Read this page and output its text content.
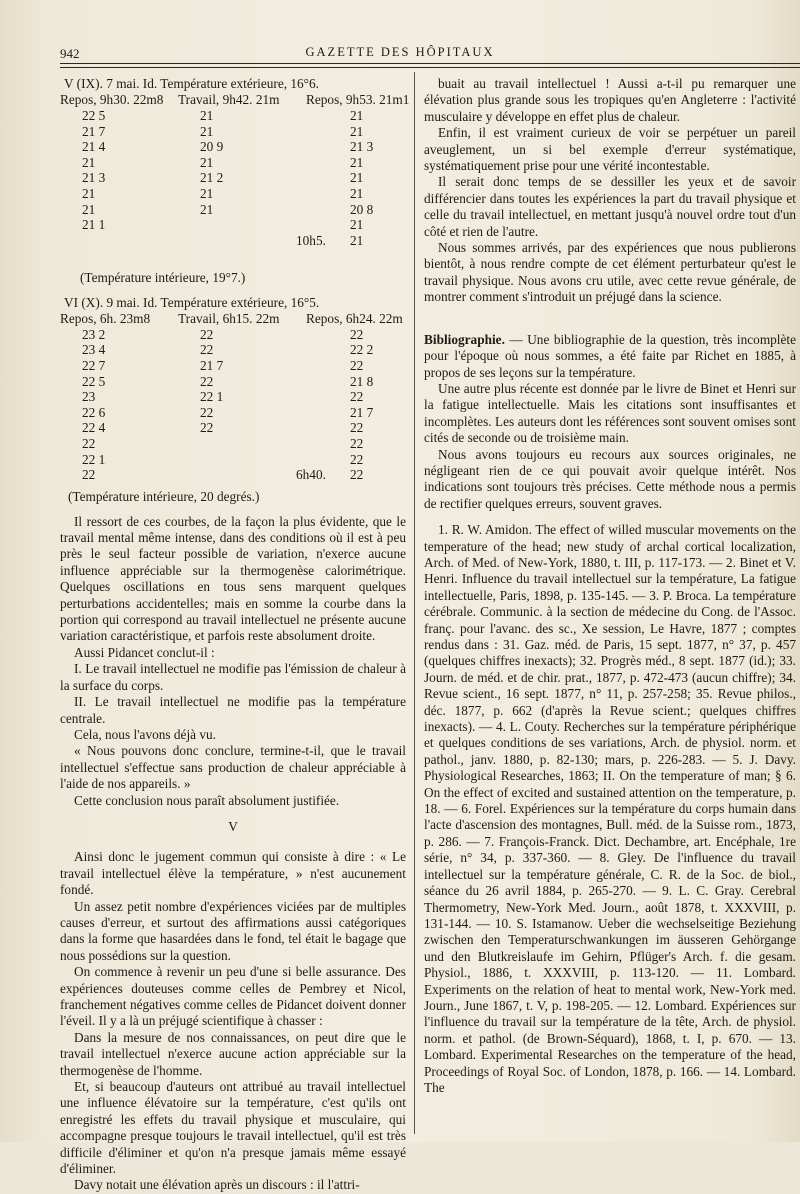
942	GAZETTE DES HÔPITAUX
V (IX). 7 mai. Id. Température extérieure, 16°6.
Repos, 9h30. 22m8 Travail, 9h42. 21m Repos, 9h53. 21m1
22 5
21 7
21 4
21
21 3
21
21
21 1
21
21
20 9
21
21 2
21
21
21
21
21 3
21
21
21
20 8
21
21
10h5.
(Température intérieure, 19°7.)
VI (X). 9 mai. Id. Température extérieure, 16°5.
Repos, 6h. 23m8 Travail, 6h15. 22m Repos, 6h24. 22m
23 2
23 4
22 7
22 5
23
22 6
22 4
22
22 1
22
22
22
21 7
22
22 1
22
22
22
22 2
22
21 8
22
21 7
22
22
22
22
6h40.
(Température intérieure, 20 degrés.)
Il ressort de ces courbes, de la façon la plus évidente, que le travail mental même intense, dans des conditions où il est à peu près le seul facteur possible de variation, n'exerce aucune influence appréciable sur la thermogenèse calorimétrique. Quelques oscillations en tous sens marquent quelques perturbations accidentelles; mais en somme la courbe dans la portion qui correspond au travail intellectuel ne présente aucune variation caractéristique, et parfois reste absolument droite.
Aussi Pidancet conclut-il :
I. Le travail intellectuel ne modifie pas l'émission de chaleur à la surface du corps.
II. Le travail intellectuel ne modifie pas la température centrale.
Cela, nous l'avons déjà vu.
« Nous pouvons donc conclure, termine-t-il, que le travail intellectuel s'effectue sans production de chaleur appréciable à l'aide de nos appareils. »
Cette conclusion nous paraît absolument justifiée.
V
Ainsi donc le jugement commun qui consiste à dire : « Le travail intellectuel élève la température, » n'est aucunement fondé.
Un assez petit nombre d'expériences viciées par de multiples causes d'erreur, et surtout des affirmations aussi catégoriques dans la forme que hasardées dans le fond, tel était le bagage que nous possédions sur la question.
On commence à revenir un peu d'une si belle assurance. Des expériences douteuses comme celles de Pembrey et Nicol, franchement négatives comme celles de Pidancet doivent donner l'éveil. Il y a là un préjugé scientifique à chasser :
Dans la mesure de nos connaissances, on peut dire que le travail intellectuel n'exerce aucune action appréciable sur la thermogenèse de l'homme.
Et, si beaucoup d'auteurs ont attribué au travail intellectuel une influence élévatoire sur la température, c'est qu'ils ont enregistré les effets du travail physique et musculaire, qui accompagne presque toujours le travail intellectuel, qu'il est très difficile d'éliminer et qu'on n'a presque jamais même essayé d'éliminer.
Davy notait une élévation après un discours : il l'attri-
buait au travail intellectuel ! Aussi a-t-il pu remarquer une élévation plus grande sous les tropiques qu'en Angleterre : l'activité musculaire y développe en effet plus de chaleur.
Enfin, il est vraiment curieux de voir se perpétuer un pareil aveuglement, un si bel exemple d'erreur systématique, systématiquement prise pour une vérité incontestable.
Il serait donc temps de se dessiller les yeux et de savoir différencier dans toutes les expériences la part du travail physique et celle du travail intellectuel, en mettant jusqu'à nouvel ordre tout d'un côté et rien de l'autre.
Nous sommes arrivés, par des expériences que nous publierons bientôt, à nous rendre compte de cet élément perturbateur qu'est le travail physique. Nous avons cru utile, avec cette revue générale, de montrer comment s'introduit un préjugé dans la science.
Bibliographie. — Une bibliographie de la question, très incomplète pour l'époque où nous sommes, a été faite par Richet en 1885, à propos de ses leçons sur la température.
Une autre plus récente est donnée par le livre de Binet et Henri sur la fatigue intellectuelle. Mais les citations sont insuffisantes et incomplètes. Les auteurs dont les références sont souvent omises sont cités de seconde ou de troisième main.
Nous avons toujours eu recours aux sources originales, ne négligeant rien de ce qui pouvait avoir quelque intérêt. Nos indications sont toujours très précises. Cette méthode nous a permis de rectifier quelques erreurs, souvent graves.
1. R. W. Amidon. The effect of willed muscular movements on the temperature of the head; new study of archal cortical localization, Arch. of Med. of New-York, 1880, t. III, p. 117-173. — 2. Binet et V. Henri. Influence du travail intellectuel sur la température, La fatigue intellectuelle, Paris, 1898, p. 135-145. — 3. P. Broca. La température cérébrale. Communic. à la section de médecine du Cong. de l'Assoc. franç. pour l'avanc. des sc., Xe session, Le Havre, 1877 ; comptes rendus dans : 31. Gaz. méd. de Paris, 15 sept. 1877, n° 37, p. 457 (quelques chiffres inexacts); 32. Progrès méd., 8 sept. 1877 (id.); 33. Journ. de méd. et de chir. prat., 1877, p. 472-473 (aucun chiffre); 34. Revue scient., 16 sept. 1877, n° 11, p. 257-258; 35. Revue philos., déc. 1877, p. 662 (d'après la Revue scient.; quelques chiffres inexacts). — 4. L. Couty. Recherches sur la température périphérique et quelques conditions de ses variations, Arch. de physiol. norm. et pathol., janv. 1880, p. 82-130; mars, p. 226-283. — 5. J. Davy. Physiological Researches, 1863; II. On the temperature of man; § 6. On the effect of excited and sustained attention on the temperature, p. 18. — 6. Forel. Expériences sur la température du corps humain dans l'acte d'ascension des montagnes, Bull. méd. de la Suisse rom., 1873, p. 286. — 7. François-Franck. Dict. Dechambre, art. Encéphale, 1re série, n° 34, p. 337-360. — 8. Gley. De l'influence du travail intellectuel sur la température générale, C. R. de la Soc. de biol., séance du 26 avril 1884, p. 265-270. — 9. L. C. Gray. Cerebral Thermometry, New-York Med. Journ., août 1878, t. XXXVIII, p. 131-144. — 10. S. Istamanow. Ueber die wechselseitige Beziehung zwischen den Temperaturschwankungen im äusseren Gehörgange und den Blutkreislaufe im Gehirn, Pflüger's Arch. f. die gesam. Physiol., 1886, t. XXXVIII, p. 113-120. — 11. Lombard. Experiments on the relation of heat to mental work, New-York med. Journ., June 1867, t. V, p. 198-205. — 12. Lombard. Expériences sur l'influence du travail sur la température de la tête, Arch. de physiol. norm. et pathol. (de Brown-Séquard), 1868, t. I, p. 670. — 13. Lombard. Experimental Researches on the temperature of the head, Proceedings of Royal Soc. of London, 1878, p. 166. — 14. Lombard. The
